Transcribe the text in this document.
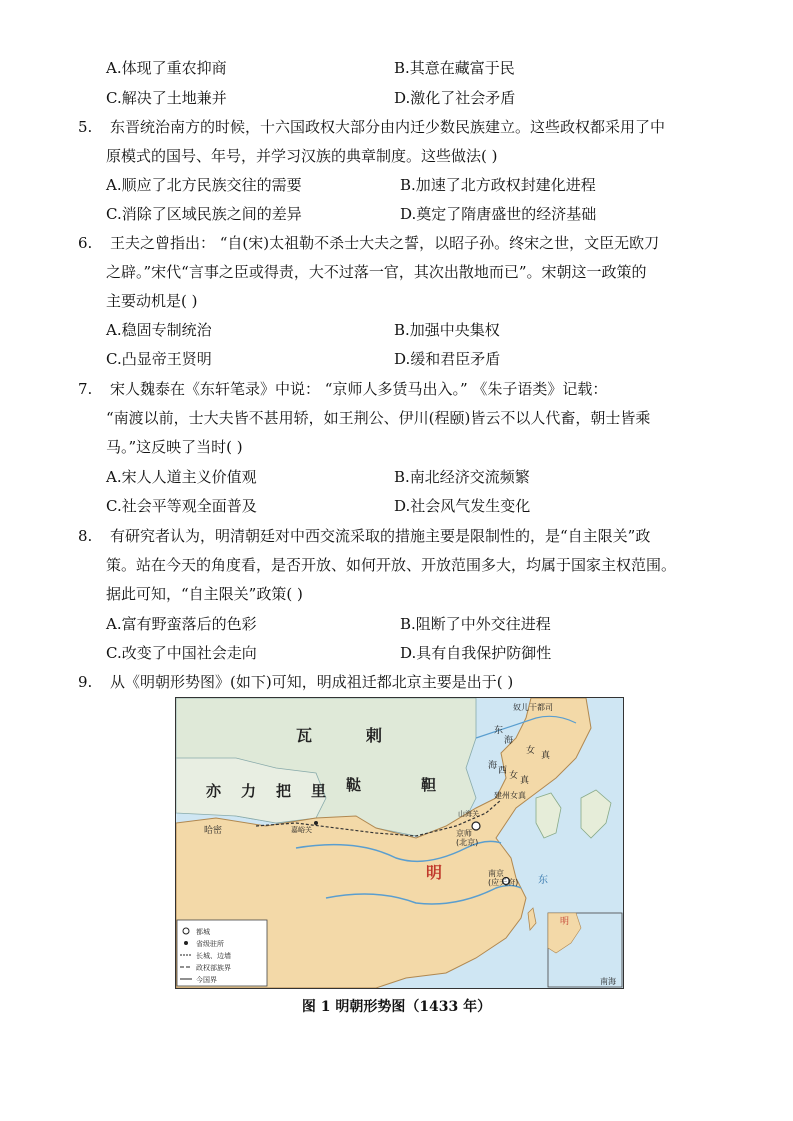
A.体现了重农抑商	B.其意在藏富于民
C.解决了土地兼并	D.激化了社会矛盾
5. 东晋统治南方的时候，十六国政权大部分由内迁少数民族建立。这些政权都采用了中
原模式的国号、年号，并学习汉族的典章制度。这些做法( )
A.顺应了北方民族交往的需要	B.加速了北方政权封建化进程
C.消除了区域民族之间的差异	D.奠定了隋唐盛世的经济基础
6. 王夫之曾指出： “自(宋)太祖勒不杀士大夫之誓，以昭子孙。终宋之世，文臣无欧刀
之辟。”宋代“言事之臣或得责，大不过落一官，其次出散地而已”。宋朝这一政策的
主要动机是( )
A.稳固专制统治	B.加强中央集权
C.凸显帝王贤明	D.缓和君臣矛盾
7. 宋人魏泰在《东轩笔录》中说： “京师人多赁马出入。” 《朱子语类》记载：
“南渡以前，士大夫皆不甚用轿，如王荆公、伊川(程颐)皆云不以人代畜，朝士皆乘
马。”这反映了当时( )
A.宋人人道主义价值观	B.南北经济交流频繁
C.社会平等观全面普及	D.社会风气发生变化
8. 有研究者认为，明清朝廷对中西交流采取的措施主要是限制性的，是“自主限关”政
策。站在今天的角度看，是否开放、如何开放、开放范围多大，均属于国家主权范围。
据此可知，“自主限关”政策( )
A.富有野蛮落后的色彩	B.阻断了中外交往进程
C.改变了中国社会走向	D.具有自我保护防御性
9. 从《明朝形势图》(如下)可知，明成祖迁都北京主要是出于( )
瓦	剌
鞑	靼
亦 力 把 里
明
奴儿干都司
东
海
女 真
海 西 女 真
建州女真
山海关
京师
(北京)
嘉峪关
南京
(应天府)
哈密
东
都城
省级驻所
长城、边墙
政权部族界
今国界
明
南海
图 1 明朝形势图（1433 年）
